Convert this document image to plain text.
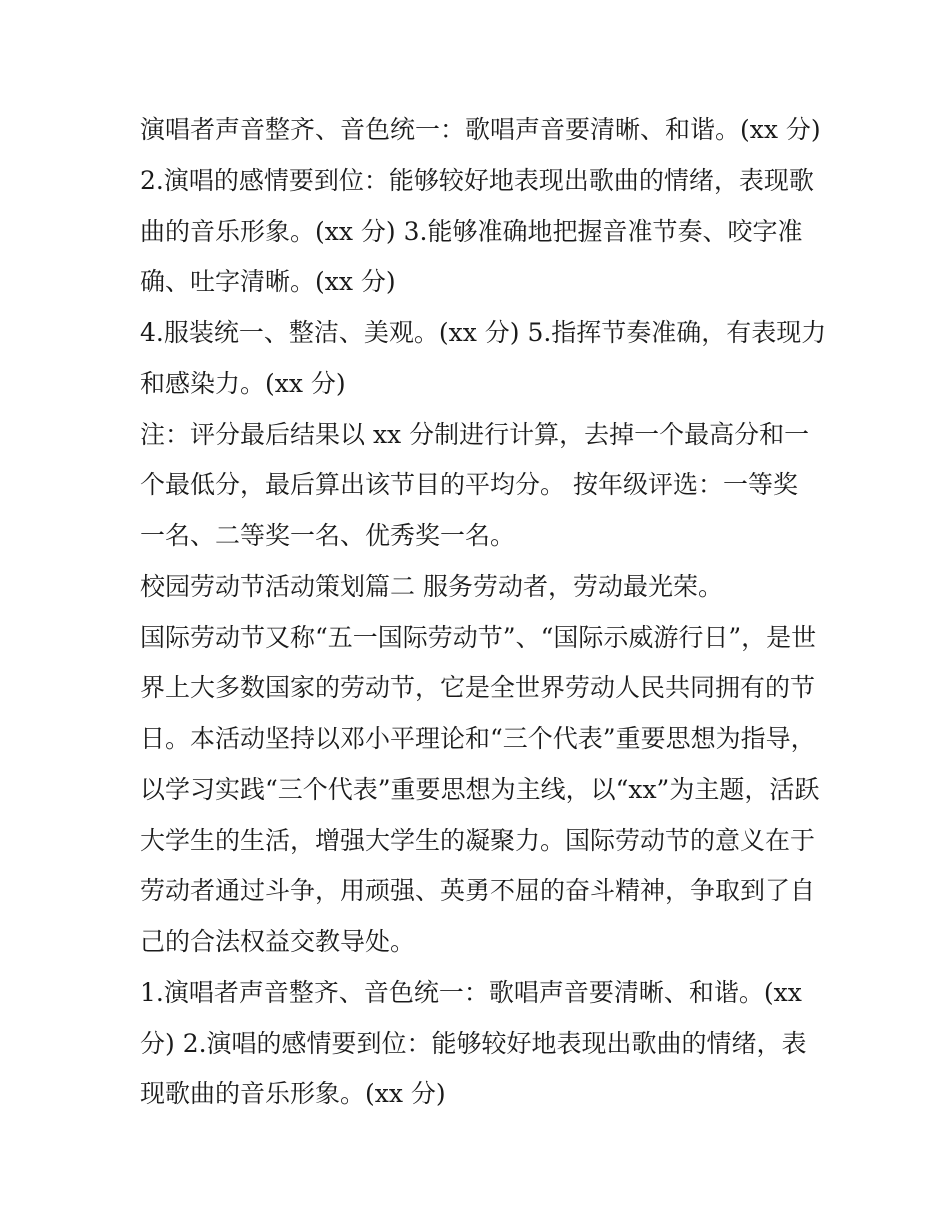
演唱者声音整齐、音色统一：歌唱声音要清晰、和谐。(xx 分)
2.演唱的感情要到位：能够较好地表现出歌曲的情绪，表现歌
曲的音乐形象。(xx 分) 3.能够准确地把握音准节奏、咬字准
确、吐字清晰。(xx 分)
4.服装统一、整洁、美观。(xx 分) 5.指挥节奏准确，有表现力
和感染力。(xx 分)
注：评分最后结果以 xx 分制进行计算，去掉一个最高分和一
个最低分，最后算出该节目的平均分。 按年级评选：一等奖
一名、二等奖一名、优秀奖一名。
校园劳动节活动策划篇二 服务劳动者，劳动最光荣。
国际劳动节又称“五一国际劳动节”、“国际示威游行日”，是世
界上大多数国家的劳动节，它是全世界劳动人民共同拥有的节
日。本活动坚持以邓小平理论和“三个代表”重要思想为指导，
以学习实践“三个代表”重要思想为主线，以“xx”为主题，活跃
大学生的生活，增强大学生的凝聚力。国际劳动节的意义在于
劳动者通过斗争，用顽强、英勇不屈的奋斗精神，争取到了自
己的合法权益交教导处。
1.演唱者声音整齐、音色统一：歌唱声音要清晰、和谐。(xx
分) 2.演唱的感情要到位：能够较好地表现出歌曲的情绪，表
现歌曲的音乐形象。(xx 分)
